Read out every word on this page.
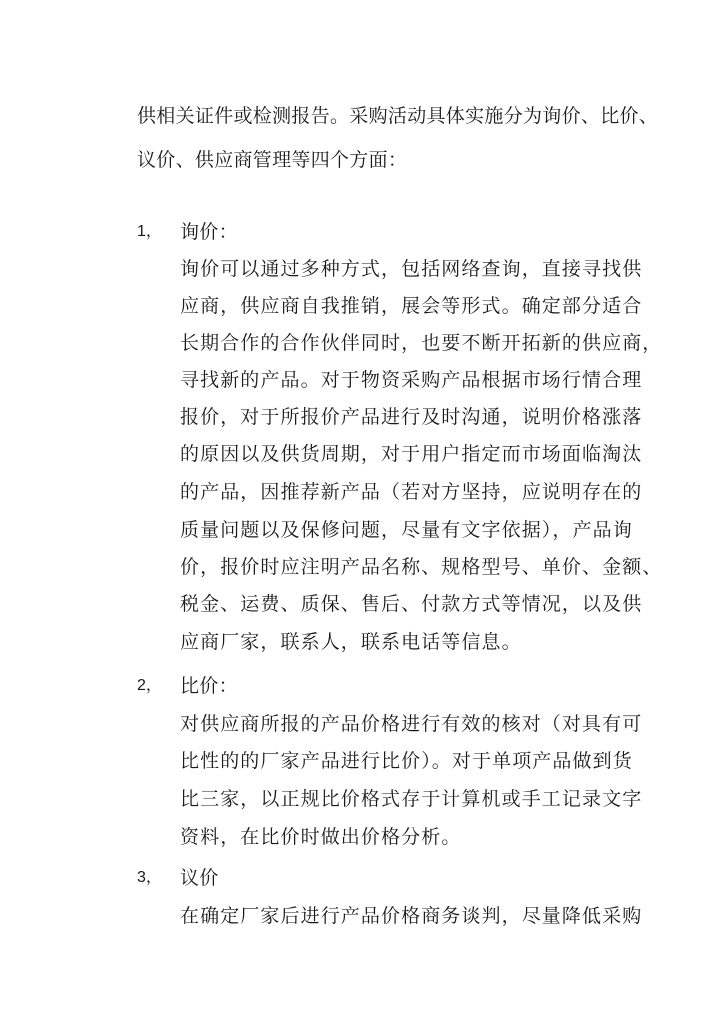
供相关证件或检测报告。采购活动具体实施分为询价、比价、
议价、供应商管理等四个方面：
1， 询价：
询价可以通过多种方式，包括网络查询，直接寻找供
应商，供应商自我推销，展会等形式。确定部分适合
长期合作的合作伙伴同时，也要不断开拓新的供应商，
寻找新的产品。对于物资采购产品根据市场行情合理
报价，对于所报价产品进行及时沟通，说明价格涨落
的原因以及供货周期，对于用户指定而市场面临淘汰
的产品，因推荐新产品（若对方坚持，应说明存在的
质量问题以及保修问题，尽量有文字依据），产品询
价，报价时应注明产品名称、规格型号、单价、金额、
税金、运费、质保、售后、付款方式等情况，以及供
应商厂家，联系人，联系电话等信息。
2， 比价：
对供应商所报的产品价格进行有效的核对（对具有可
比性的的厂家产品进行比价）。对于单项产品做到货
比三家，以正规比价格式存于计算机或手工记录文字
资料，在比价时做出价格分析。
3， 议价
在确定厂家后进行产品价格商务谈判，尽量降低采购
